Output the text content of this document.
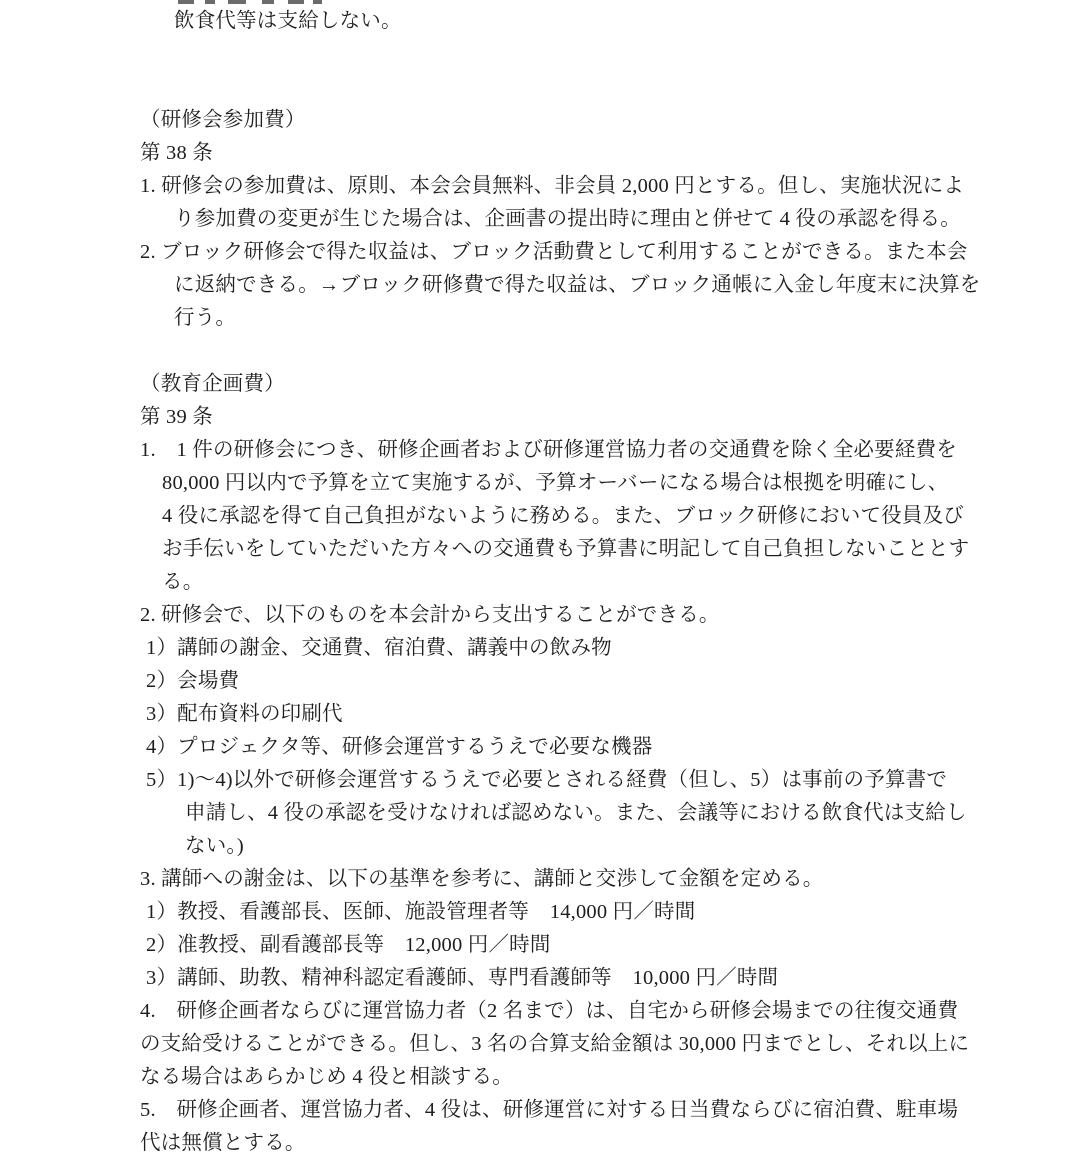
飲食代等は支給しない。
（研修会参加費）
第 38 条
1. 研修会の参加費は、原則、本会会員無料、非会員 2,000 円とする。但し、実施状況によ
り参加費の変更が生じた場合は、企画書の提出時に理由と併せて 4 役の承認を得る。
2. ブロック研修会で得た収益は、ブロック活動費として利用することができる。また本会
に返納できる。→ブロック研修費で得た収益は、ブロック通帳に入金し年度末に決算を
行う。
（教育企画費）
第 39 条
1.　1 件の研修会につき、研修企画者および研修運営協力者の交通費を除く全必要経費を
80,000 円以内で予算を立て実施するが、予算オーバーになる場合は根拠を明確にし、
4 役に承認を得て自己負担がないように務める。また、ブロック研修において役員及び
お手伝いをしていただいた方々への交通費も予算書に明記して自己負担しないこととす
る。
2. 研修会で、以下のものを本会計から支出することができる。
1）講師の謝金、交通費、宿泊費、講義中の飲み物
2）会場費
3）配布資料の印刷代
4）プロジェクタ等、研修会運営するうえで必要な機器
5）1)～4)以外で研修会運営するうえで必要とされる経費（但し、5）は事前の予算書で
申請し、4 役の承認を受けなければ認めない。また、会議等における飲食代は支給し
ない。)
3. 講師への謝金は、以下の基準を参考に、講師と交渉して金額を定める。
1）教授、看護部長、医師、施設管理者等　14,000 円／時間
2）准教授、副看護部長等　12,000 円／時間
3）講師、助教、精神科認定看護師、専門看護師等　10,000 円／時間
4.　研修企画者ならびに運営協力者（2 名まで）は、自宅から研修会場までの往復交通費
の支給受けることができる。但し、3 名の合算支給金額は 30,000 円までとし、それ以上に
なる場合はあらかじめ 4 役と相談する。
5.　研修企画者、運営協力者、4 役は、研修運営に対する日当費ならびに宿泊費、駐車場
代は無償とする。
